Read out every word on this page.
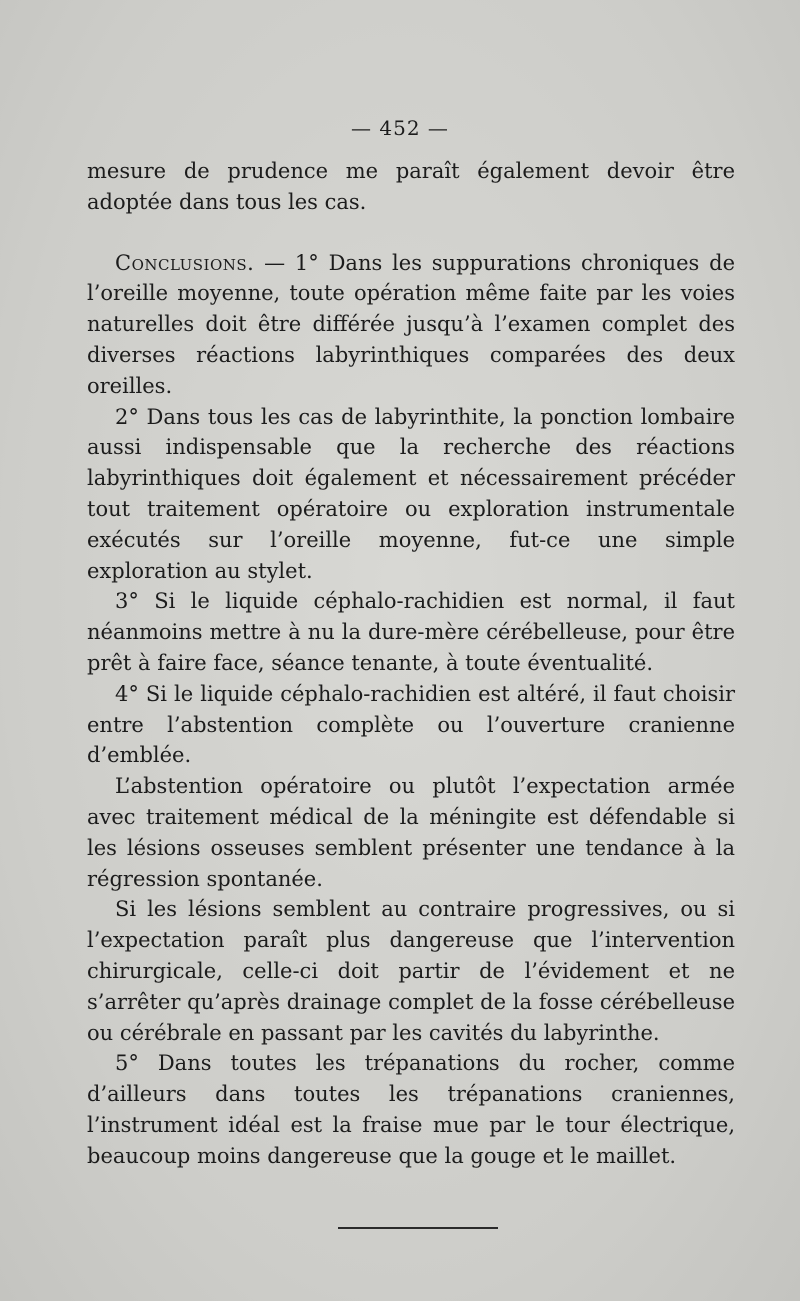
— 452 —

mesure de prudence me paraît également devoir être adoptée dans tous les cas.

Conclusions. — 1° Dans les suppurations chroniques de l’oreille moyenne, toute opération même faite par les voies naturelles doit être différée jusqu’à l’examen complet des diverses réactions labyrinthiques comparées des deux oreilles.

2° Dans tous les cas de labyrinthite, la ponction lombaire aussi indispensable que la recherche des réactions labyrinthiques doit également et nécessairement précéder tout traitement opératoire ou exploration instrumentale exécutés sur l’oreille moyenne, fut-ce une simple exploration au stylet.

3° Si le liquide céphalo-rachidien est normal, il faut néanmoins mettre à nu la dure-mère cérébelleuse, pour être prêt à faire face, séance tenante, à toute éventualité.

4° Si le liquide céphalo-rachidien est altéré, il faut choisir entre l’abstention complète ou l’ouverture cranienne d’emblée.

L’abstention opératoire ou plutôt l’expectation armée avec traitement médical de la méningite est défendable si les lésions osseuses semblent présenter une tendance à la régression spontanée.

Si les lésions semblent au contraire progressives, ou si l’expectation paraît plus dangereuse que l’intervention chirurgicale, celle-ci doit partir de l’évidement et ne s’arrêter qu’après drainage complet de la fosse cérébelleuse ou cérébrale en passant par les cavités du labyrinthe.

5° Dans toutes les trépanations du rocher, comme d’ailleurs dans toutes les trépanations craniennes, l’instrument idéal est la fraise mue par le tour électrique, beaucoup moins dangereuse que la gouge et le maillet.
